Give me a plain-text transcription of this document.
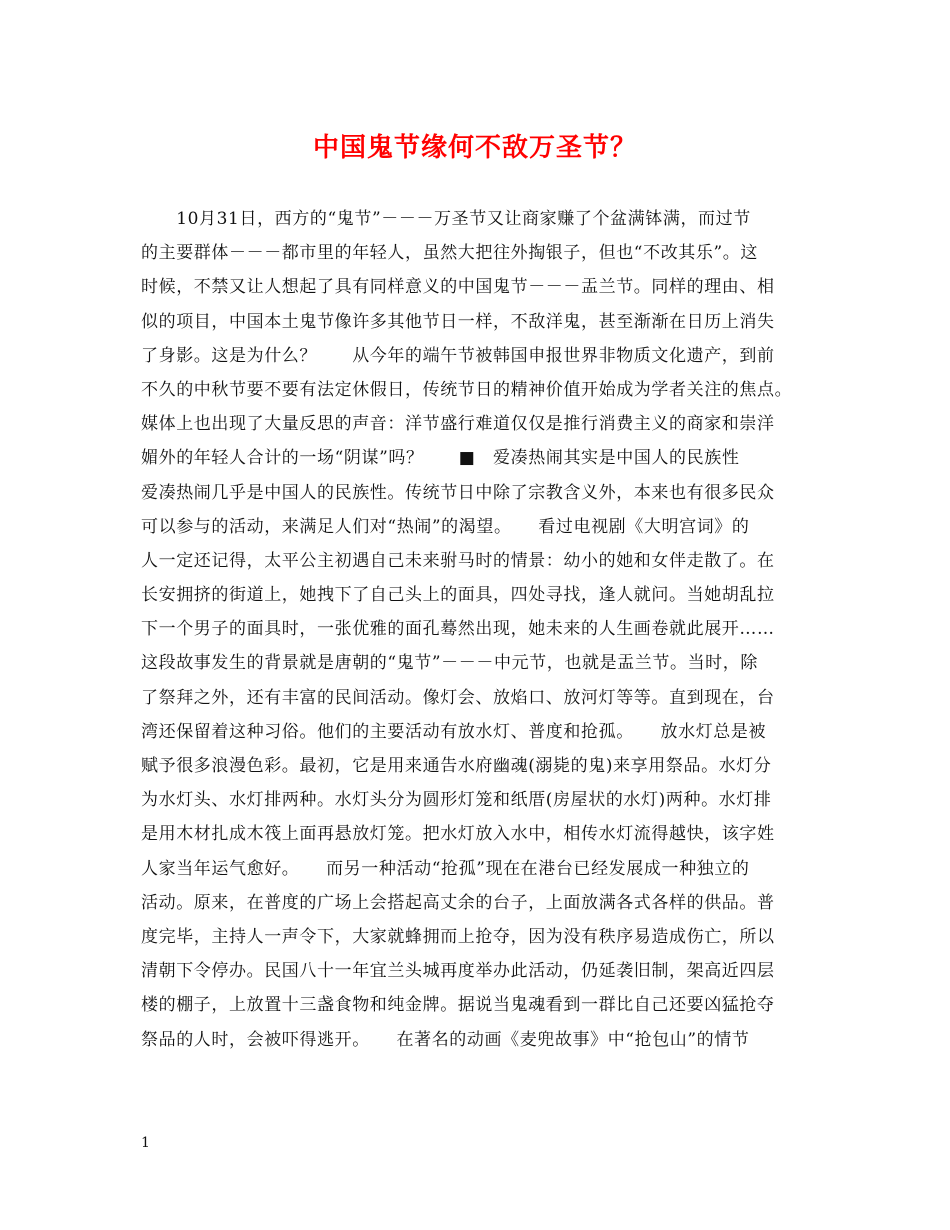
中国鬼节缘何不敌万圣节？
　　10月31日，西方的“鬼节”－－－万圣节又让商家赚了个盆满钵满，而过节
的主要群体－－－都市里的年轻人，虽然大把往外掏银子，但也“不改其乐”。这
时候，不禁又让人想起了具有同样意义的中国鬼节－－－盂兰节。同样的理由、相
似的项目，中国本土鬼节像许多其他节日一样，不敌洋鬼，甚至渐渐在日历上消失
了身影。这是为什么？　　从今年的端午节被韩国申报世界非物质文化遗产，到前
不久的中秋节要不要有法定休假日，传统节日的精神价值开始成为学者关注的焦点。
媒体上也出现了大量反思的声音：洋节盛行难道仅仅是推行消费主义的商家和崇洋
媚外的年轻人合计的一场“阴谋”吗？　　■　爱凑热闹其实是中国人的民族性
爱凑热闹几乎是中国人的民族性。传统节日中除了宗教含义外，本来也有很多民众
可以参与的活动，来满足人们对“热闹”的渴望。　　看过电视剧《大明宫词》的
人一定还记得，太平公主初遇自己未来驸马时的情景：幼小的她和女伴走散了。在
长安拥挤的街道上，她拽下了自己头上的面具，四处寻找，逢人就问。当她胡乱拉
下一个男子的面具时，一张优雅的面孔蓦然出现，她未来的人生画卷就此展开……
这段故事发生的背景就是唐朝的“鬼节”－－－中元节，也就是盂兰节。当时，除
了祭拜之外，还有丰富的民间活动。像灯会、放焰口、放河灯等等。直到现在，台
湾还保留着这种习俗。他们的主要活动有放水灯、普度和抢孤。　　放水灯总是被
赋予很多浪漫色彩。最初，它是用来通告水府幽魂(溺毙的鬼)来享用祭品。水灯分
为水灯头、水灯排两种。水灯头分为圆形灯笼和纸厝(房屋状的水灯)两种。水灯排
是用木材扎成木筏上面再悬放灯笼。把水灯放入水中，相传水灯流得越快，该字姓
人家当年运气愈好。　　而另一种活动“抢孤”现在在港台已经发展成一种独立的
活动。原来，在普度的广场上会搭起高丈余的台子，上面放满各式各样的供品。普
度完毕，主持人一声令下，大家就蜂拥而上抢夺，因为没有秩序易造成伤亡，所以
清朝下令停办。民国八十一年宜兰头城再度举办此活动，仍延袭旧制，架高近四层
楼的棚子，上放置十三盏食物和纯金牌。据说当鬼魂看到一群比自己还要凶猛抢夺
祭品的人时，会被吓得逃开。　　在著名的动画《麦兜故事》中“抢包山”的情节
1
